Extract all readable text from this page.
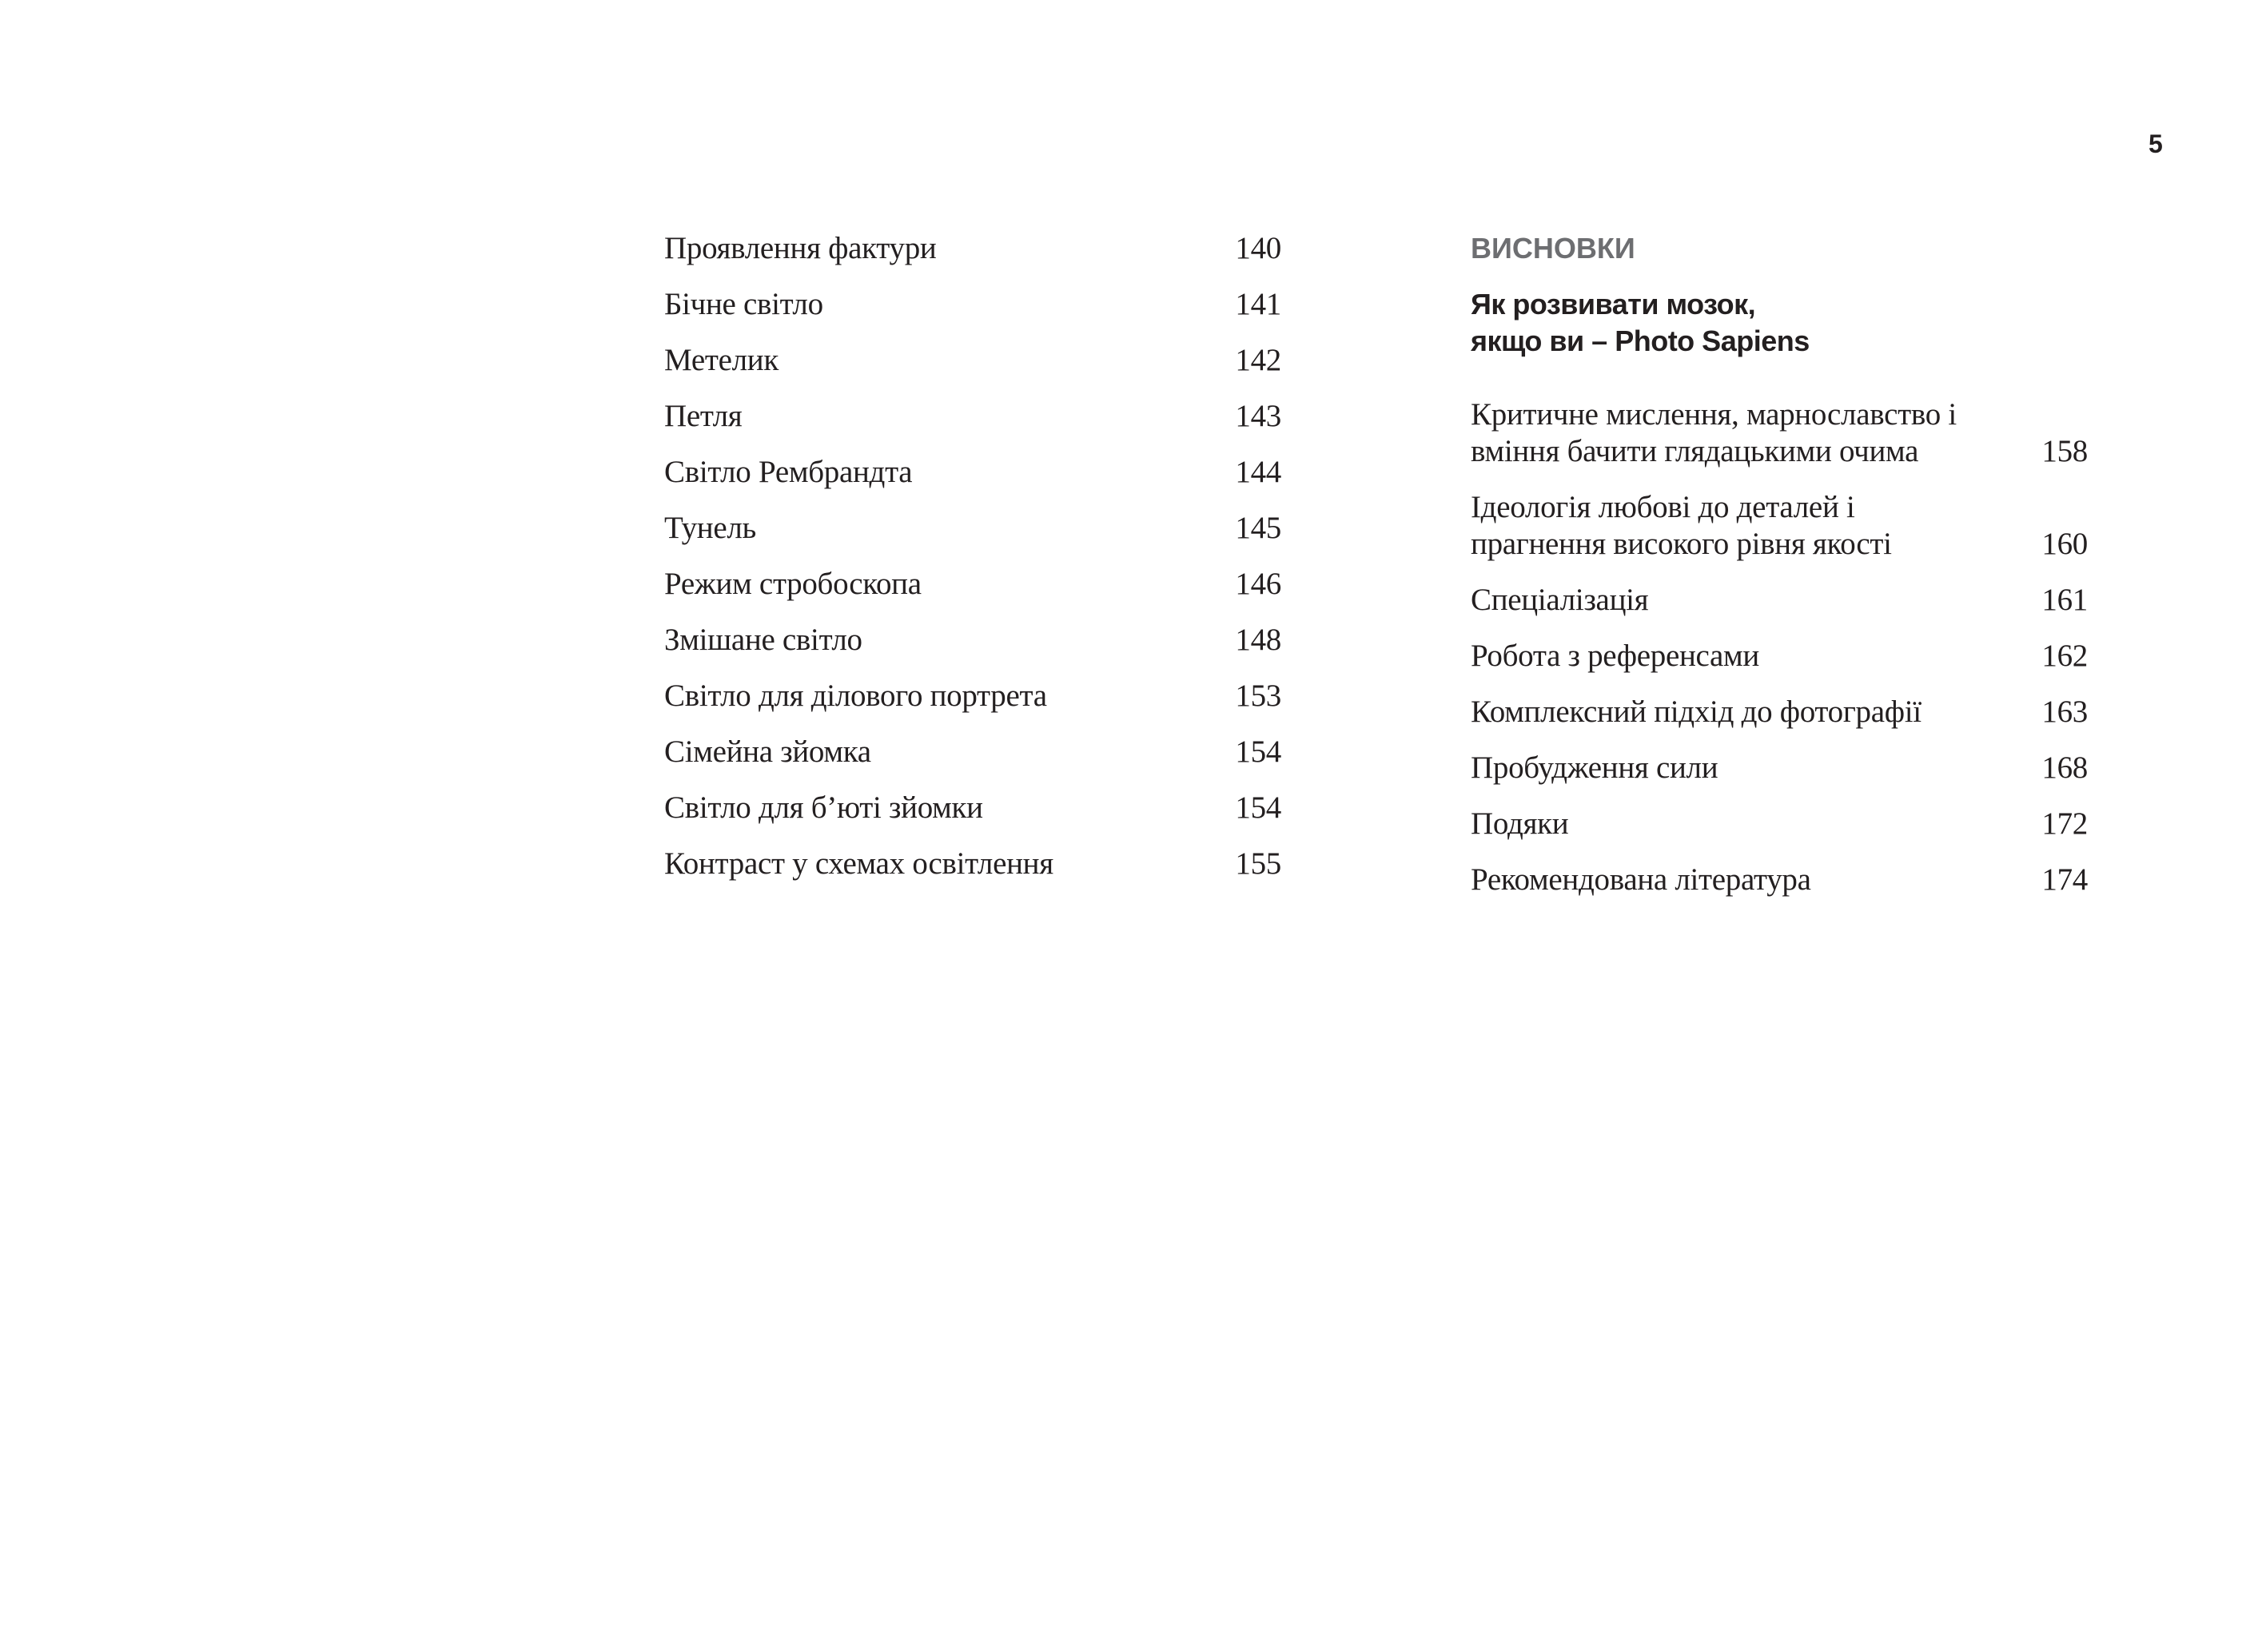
5
Проявлення фактури	140
Бічне світло	141
Метелик	142
Петля	143
Світло Рембрандта	144
Тунель	145
Режим стробоскопа	146
Змішане світло	148
Світло для ділового портрета	153
Сімейна зйомка	154
Світло для б’юті зйомки	154
Контраст у схемах освітлення	155
ВИСНОВКИ
Як розвивати мозок,
якщо ви – Photo Sapiens
Критичне мислення, марнославство і
вміння бачити глядацькими очима	158
Ідеологія любові до деталей і
прагнення високого рівня якості	160
Спеціалізація	161
Робота з референсами	162
Комплексний підхід до фотографії	163
Пробудження сили	168
Подяки	172
Рекомендована література	174
